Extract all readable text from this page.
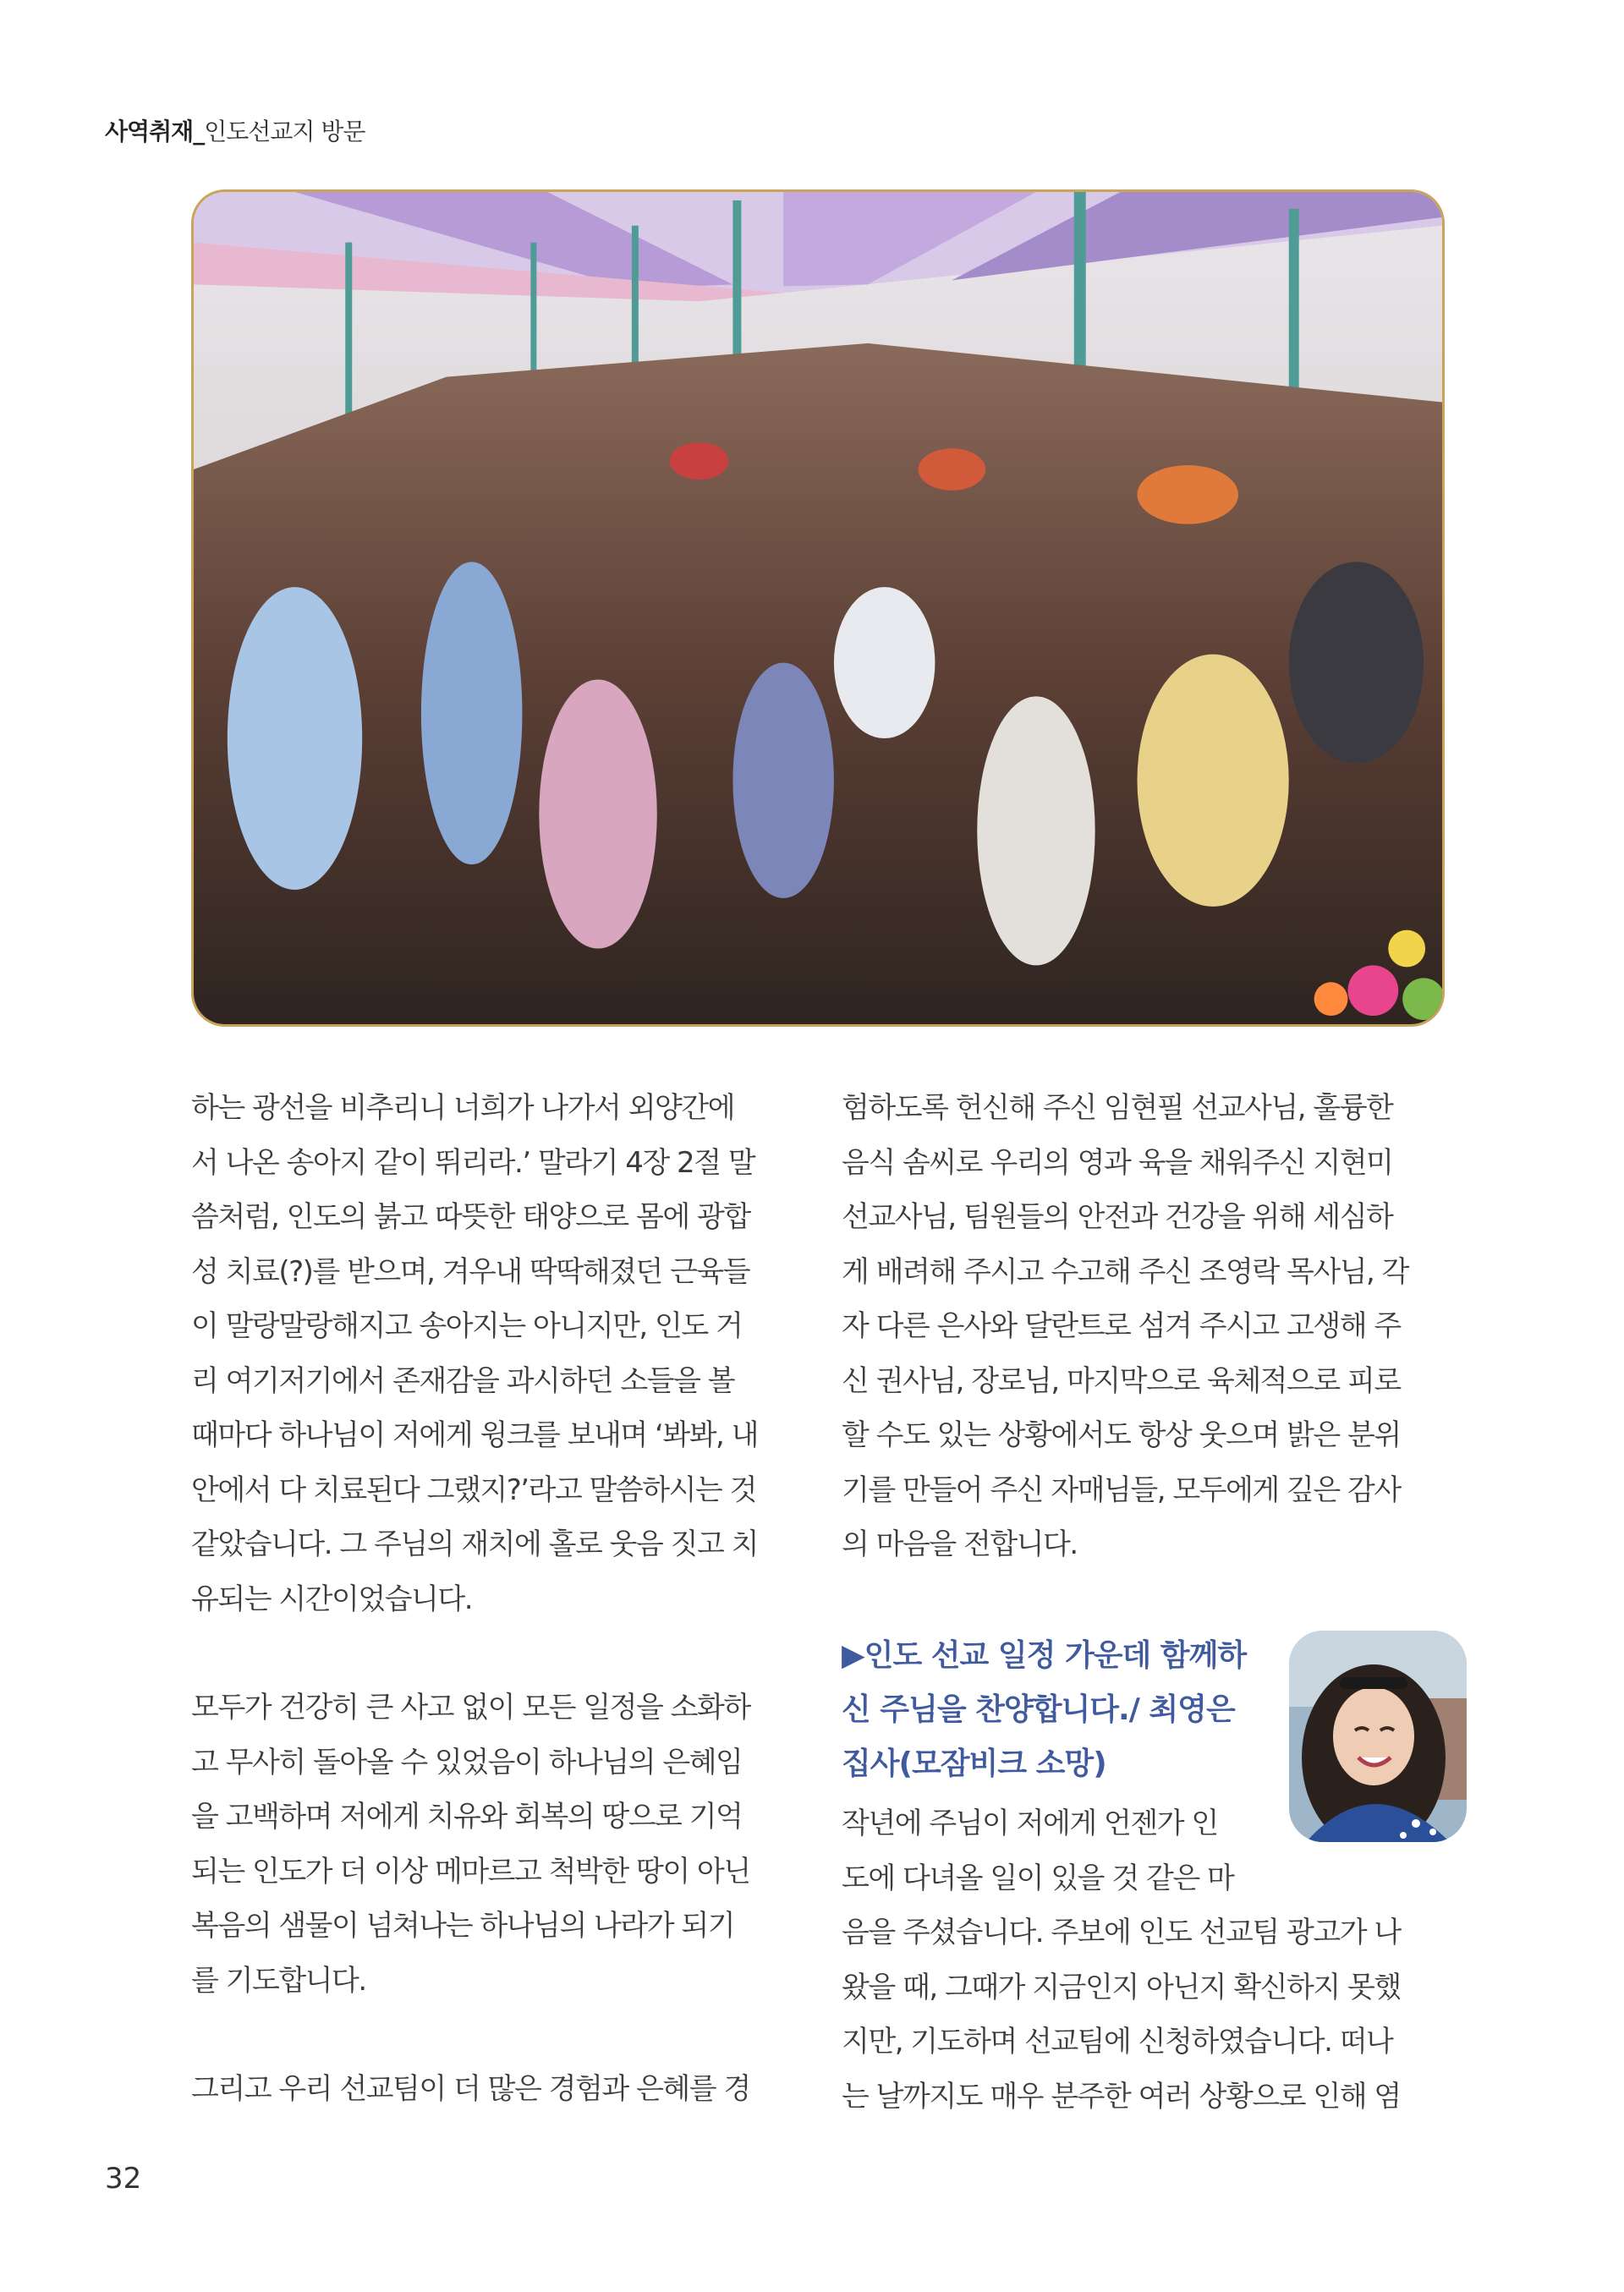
사역취재_인도선교지 방문

하는 광선을 비추리니 너희가 나가서 외양간에
서 나온 송아지 같이 뛰리라.’ 말라기 4장 2절 말
씀처럼, 인도의 붉고 따뜻한 태양으로 몸에 광합
성 치료(?)를 받으며, 겨우내 딱딱해졌던 근육들
이 말랑말랑해지고 송아지는 아니지만, 인도 거
리 여기저기에서 존재감을 과시하던 소들을 볼
때마다 하나님이 저에게 윙크를 보내며 ‘봐봐, 내
안에서 다 치료된다 그랬지?’라고 말씀하시는 것
같았습니다. 그 주님의 재치에 홀로 웃음 짓고 치
유되는 시간이었습니다.

모두가 건강히 큰 사고 없이 모든 일정을 소화하
고 무사히 돌아올 수 있었음이 하나님의 은혜임
을 고백하며 저에게 치유와 회복의 땅으로 기억
되는 인도가 더 이상 메마르고 척박한 땅이 아닌
복음의 샘물이 넘쳐나는 하나님의 나라가 되기
를 기도합니다.

그리고 우리 선교팀이 더 많은 경험과 은혜를 경

험하도록 헌신해 주신 임현필 선교사님, 훌륭한
음식 솜씨로 우리의 영과 육을 채워주신 지현미
선교사님, 팀원들의 안전과 건강을 위해 세심하
게 배려해 주시고 수고해 주신 조영락 목사님, 각
자 다른 은사와 달란트로 섬겨 주시고 고생해 주
신 권사님, 장로님, 마지막으로 육체적으로 피로
할 수도 있는 상황에서도 항상 웃으며 밝은 분위
기를 만들어 주신 자매님들, 모두에게 깊은 감사
의 마음을 전합니다.

▶인도 선교 일정 가운데 함께하
신 주님을 찬양합니다./ 최영은
집사(모잠비크 소망)

작년에 주님이 저에게 언젠가 인
도에 다녀올 일이 있을 것 같은 마

음을 주셨습니다. 주보에 인도 선교팀 광고가 나
왔을 때, 그때가 지금인지 아닌지 확신하지 못했
지만, 기도하며 선교팀에 신청하였습니다. 떠나
는 날까지도 매우 분주한 여러 상황으로 인해 염

32
